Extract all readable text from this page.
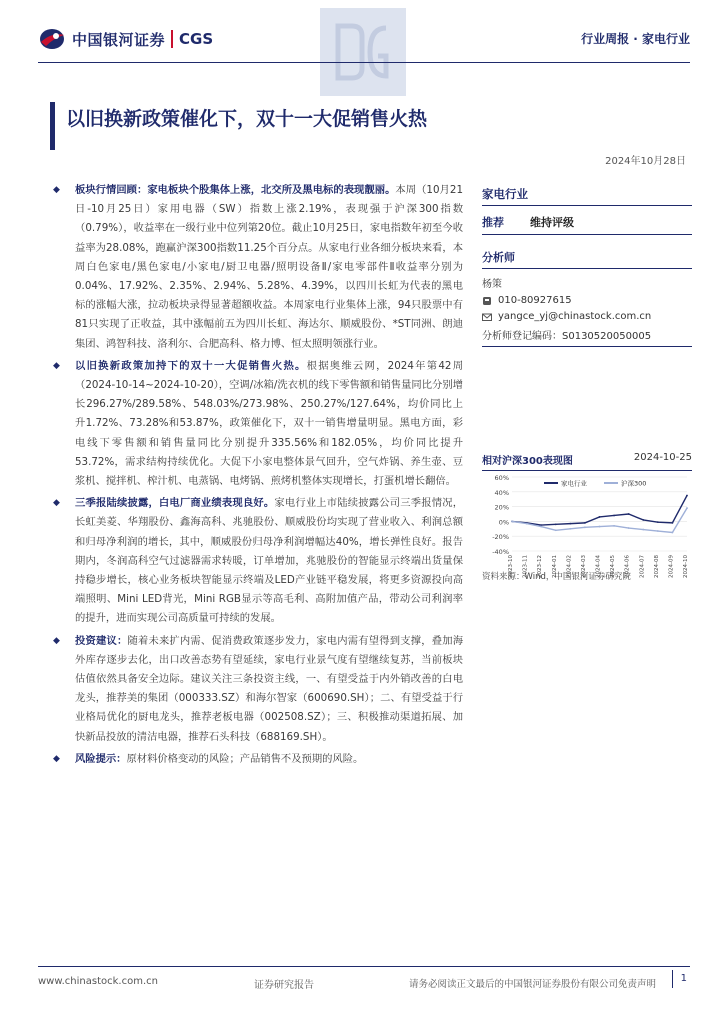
中国银河证券 CGS	行业周报 · 家电行业
以旧换新政策催化下，双十一大促销售火热
2024年10月28日

◆ 板块行情回顾：家电板块个股集体上涨，北交所及黑电标的表现靓丽。本周（10月21日-10月25日）家用电器（SW）指数上涨2.19%，表现强于沪深300指数（0.79%），收益率在一级行业中位列第20位。截止10月25日，家电指数年初至今收益率为28.08%，跑赢沪深300指数11.25个百分点。从家电行业各细分板块来看，本周白色家电/黑色家电/小家电/厨卫电器/照明设备Ⅱ/家电零部件Ⅱ收益率分别为0.04%、17.92%、2.35%、2.94%、5.28%、4.39%，以四川长虹为代表的黑电标的涨幅大涨，拉动板块录得显著超额收益。本周家电行业集体上涨，94只股票中有81只实现了正收益，其中涨幅前五为四川长虹、海达尔、顺威股份、*ST同洲、朗迪集团、鸿智科技、洛利尔、合肥高科、格力博、恒太照明领涨行业。

◆ 以旧换新政策加持下的双十一大促销售火热。根据奥维云网，2024年第42周（2024-10-14~2024-10-20），空调/冰箱/洗衣机的线下零售额和销售量同比分别增长296.27%/289.58%、548.03%/273.98%、250.27%/127.64%，均价同比上升1.72%、73.28%和53.87%，政策催化下，双十一销售增量明显。黑电方面，彩电线下零售额和销售量同比分别提升335.56%和182.05%，均价同比提升53.72%，需求结构持续优化。大促下小家电整体景气回升，空气炸锅、养生壶、豆浆机、搅拌机、榨汁机、电蒸锅、电烤锅、煎烤机整体实现增长，打蛋机增长翻倍。

◆ 三季报陆续披露，白电厂商业绩表现良好。家电行业上市陆续披露公司三季报情况，长虹美菱、华翔股份、鑫海高科、兆驰股份、顺威股份均实现了营业收入、利润总额和归母净利润的增长，其中，顺威股份归母净利润增幅达40%，增长弹性良好。报告期内，冬润高科空气过滤器需求转暖，订单增加，兆驰股份的智能显示终端出货量保持稳步增长，核心业务板块智能显示终端及LED产业链平稳发展，将更多资源投向高端照明、Mini LED背光，Mini RGB显示等高毛利、高附加值产品，带动公司利润率的提升，进而实现公司高质量可持续的发展。

◆ 投资建议：随着未来扩内需、促消费政策逐步发力，家电内需有望得到支撑，叠加海外库存逐步去化，出口改善态势有望延续，家电行业景气度有望继续复苏，当前板块估值依然具备安全边际。建议关注三条投资主线，一、有望受益于内外销改善的白电龙头，推荐美的集团（000333.SZ）和海尔智家（600690.SH）；二、有望受益于行业格局优化的厨电龙头，推荐老板电器（002508.SZ）；三、积极推动渠道拓展、加快新品投放的清洁电器，推荐石头科技（688169.SH）。

◆ 风险提示：原材料价格变动的风险；产品销售不及预期的风险。

家电行业
推荐 维持评级
分析师
杨策
010-80927615
yangce_yj@chinastock.com.cn
分析师登记编码：S0130520050005
相对沪深300表现图	2024-10-25
60%
40%
20%
0%
-20%
-40%
2023-10 2023-11 2023-12 2024-01 2024-02 2024-03 2024-04 2024-05 2024-06 2024-07 2024-08 2024-09 2024-10
家电行业	沪深300
资料来源：Wind，中国银河证券研究院
www.chinastock.com.cn	证券研究报告	请务必阅读正文最后的中国银河证券股份有限公司免责声明
1
